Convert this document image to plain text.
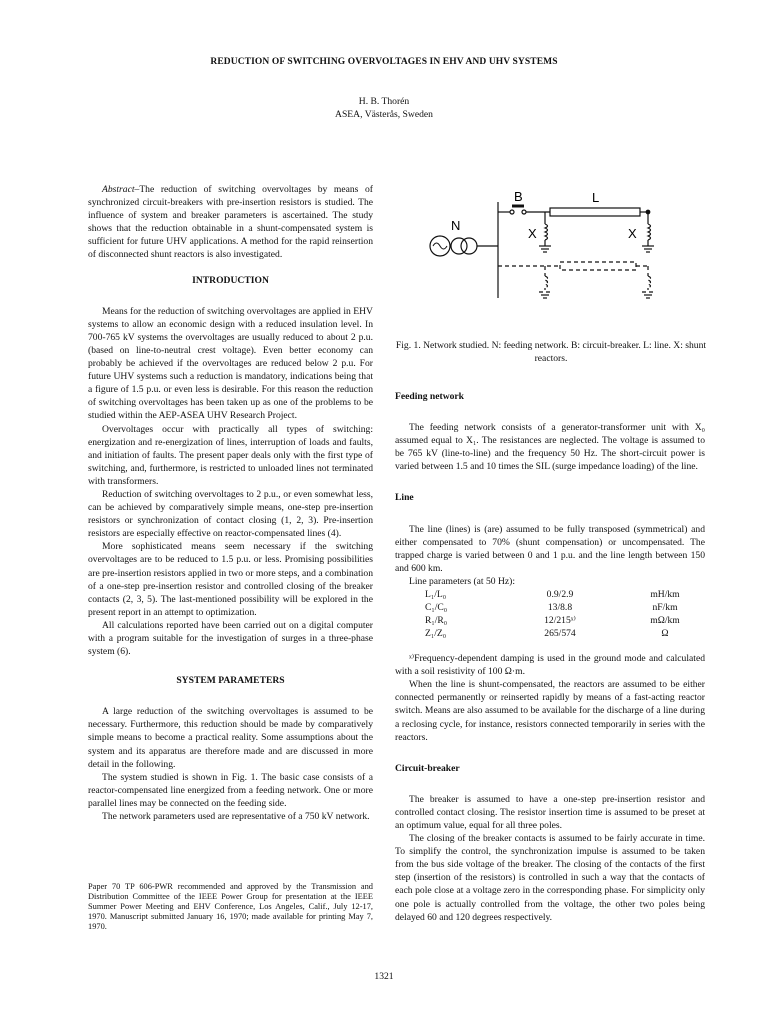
REDUCTION OF SWITCHING OVERVOLTAGES IN EHV AND UHV SYSTEMS
H. B. Thorén
ASEA, Västerås, Sweden

Abstract–The reduction of switching overvoltages by means of synchronized circuit-breakers with pre-insertion resistors is studied. The influence of system and breaker parameters is ascertained. The study shows that the reduction obtainable in a shunt-compensated system is sufficient for future UHV applications. A method for the rapid reinsertion of disconnected shunt reactors is also investigated.

INTRODUCTION

Means for the reduction of switching overvoltages are applied in EHV systems to allow an economic design with a reduced insulation level. In 700-765 kV systems the overvoltages are usually reduced to about 2 p.u. (based on line-to-neutral crest voltage). Even better economy can probably be achieved if the overvoltages are reduced below 2 p.u. For future UHV systems such a reduction is mandatory, indications being that a figure of 1.5 p.u. or even less is desirable. For this reason the reduction of switching overvoltages has been taken up as one of the problems to be studied within the AEP-ASEA UHV Research Project.

Overvoltages occur with practically all types of switching: energization and re-energization of lines, interruption of loads and faults, and initiation of faults. The present paper deals only with the first type of switching, and, furthermore, is restricted to unloaded lines not terminated with transformers.

Reduction of switching overvoltages to 2 p.u., or even somewhat less, can be achieved by comparatively simple means, one-step pre-insertion resistors or synchronization of contact closing (1, 2, 3). Pre-insertion resistors are especially effective on reactor-compensated lines (4).

More sophisticated means seem necessary if the switching overvoltages are to be reduced to 1.5 p.u. or less. Promising possibilities are pre-insertion resistors applied in two or more steps, and a combination of a one-step pre-insertion resistor and controlled closing of the breaker contacts (2, 3, 5). The last-mentioned possibility will be explored in the present report in an attempt to optimization.

All calculations reported have been carried out on a digital computer with a program suitable for the investigation of surges in a three-phase system (6).

SYSTEM PARAMETERS

A large reduction of the switching overvoltages is assumed to be necessary. Furthermore, this reduction should be made by comparatively simple means to become a practical reality. Some assumptions about the system and its apparatus are therefore made and are discussed in more detail in the following.

The system studied is shown in Fig. 1. The basic case consists of a reactor-compensated line energized from a feeding network. One or more parallel lines may be connected on the feeding side.

The network parameters used are representative of a 750 kV network.

Paper 70 TP 606-PWR recommended and approved by the Transmission and Distribution Committee of the IEEE Power Group for presentation at the IEEE Summer Power Meeting and EHV Conference, Los Angeles, Calif., July 12-17, 1970. Manuscript submitted January 16, 1970; made available for printing May 7, 1970.
B	L
N
X	X
Fig. 1. Network studied. N: feeding network. B: circuit-breaker. L: line. X: shunt reactors.
Feeding network

The feeding network consists of a generator-transformer unit with X₀ assumed equal to X₁. The resistances are neglected. The voltage is assumed to be 765 kV (line-to-line) and the frequency 50 Hz. The short-circuit power is varied between 1.5 and 10 times the SIL (surge impedance loading) of the line.

Line

The line (lines) is (are) assumed to be fully transposed (symmetrical) and either compensated to 70% (shunt compensation) or uncompensated. The trapped charge is varied between 0 and 1 p.u. and the line length between 150 and 600 km.

Line parameters (at 50 Hz):

L₁/L₀	0.9/2.9	mH/km
C₁/C₀	13/8.8	nF/km
R₁/R₀	12/215ˣ⁾	mΩ/km
Z₁/Z₀	265/574	Ω

ˣ⁾Frequency-dependent damping is used in the ground mode and calculated with a soil resistivity of 100 Ω·m.

When the line is shunt-compensated, the reactors are assumed to be either connected permanently or reinserted rapidly by means of a fast-acting reactor switch. Means are also assumed to be available for the discharge of a line during a reclosing cycle, for instance, resistors connected temporarily in series with the reactors.

Circuit-breaker

The breaker is assumed to have a one-step pre-insertion resistor and controlled contact closing. The resistor insertion time is assumed to be preset at an optimum value, equal for all three poles.

The closing of the breaker contacts is assumed to be fairly accurate in time. To simplify the control, the synchronization impulse is assumed to be taken from the bus side voltage of the breaker. The closing of the contacts of the first step (insertion of the resistors) is controlled in such a way that the contacts of each pole close at a voltage zero in the corresponding phase. For simplicity only one pole is actually controlled from the voltage, the other two poles being delayed 60 and 120 degrees respectively.

1321
